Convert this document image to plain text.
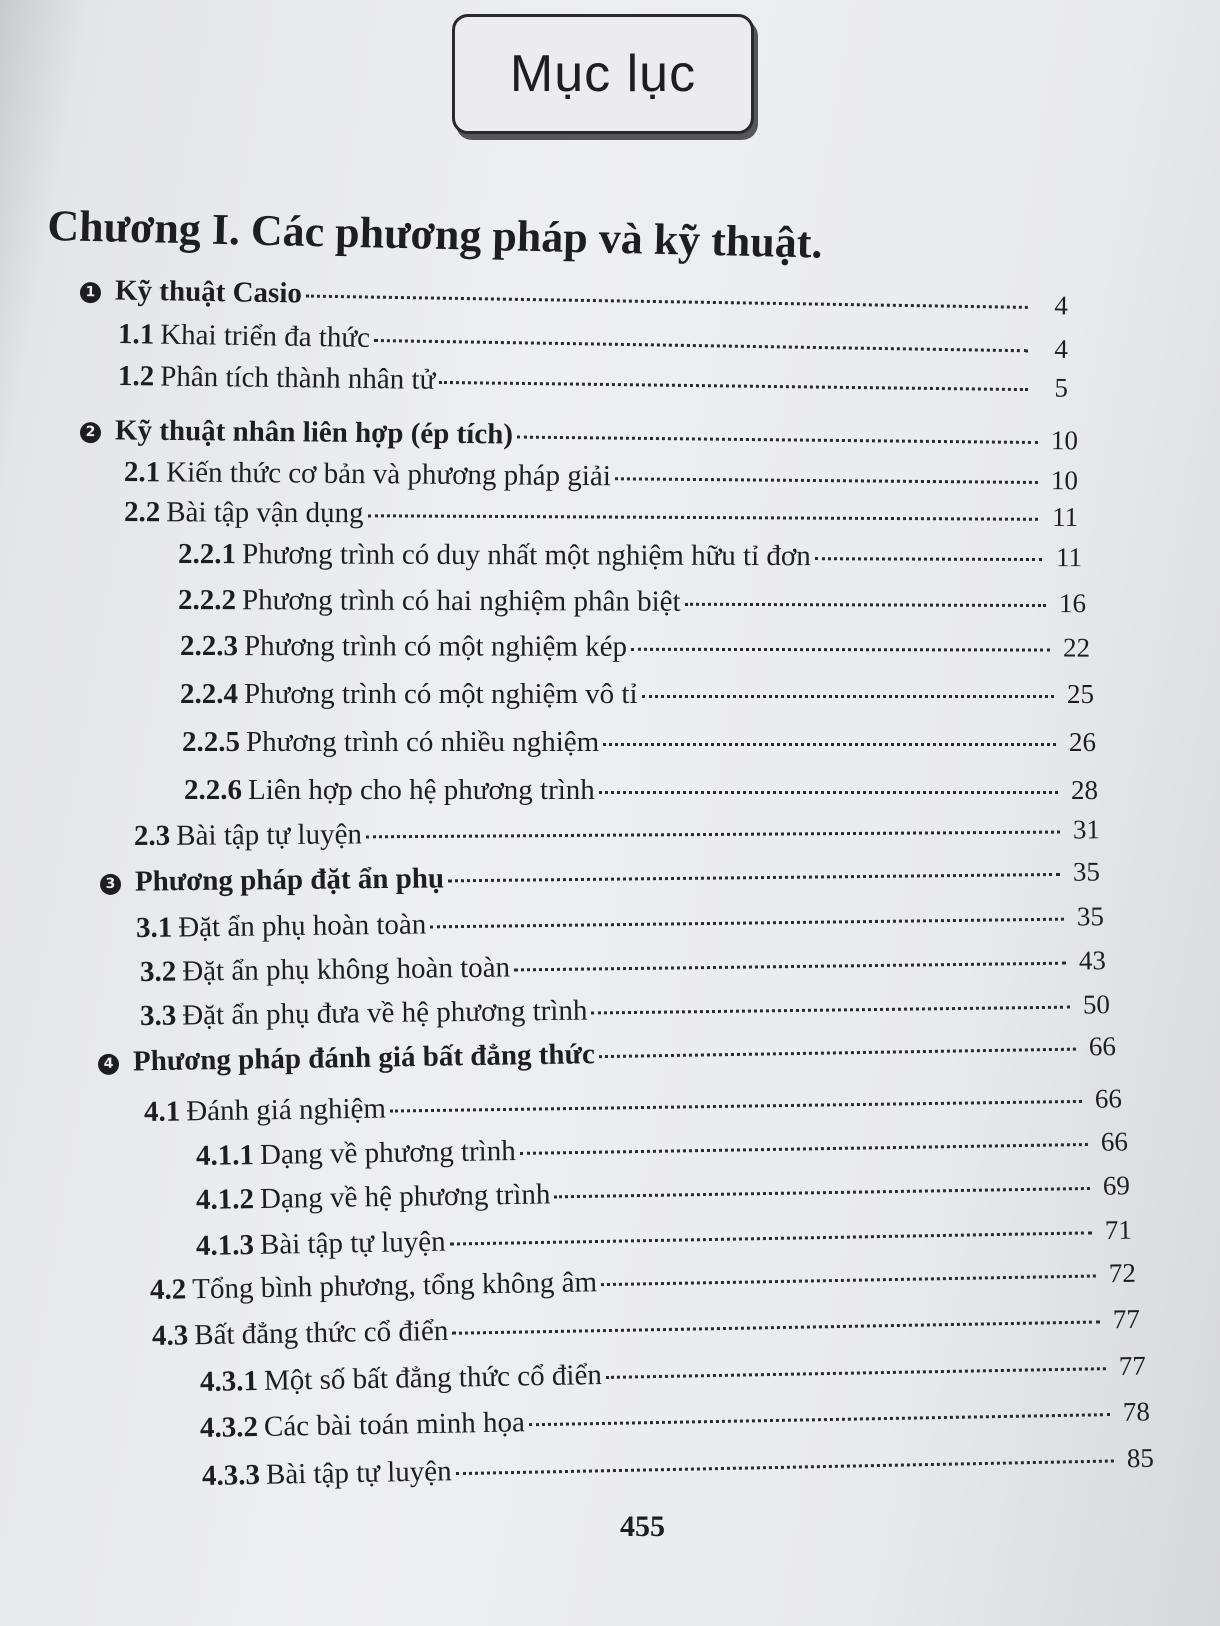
Mục lục
Chương I. Các phương pháp và kỹ thuật.
1 Kỹ thuật Casio	4
1.1 Khai triển đa thức	4
1.2 Phân tích thành nhân tử	5
2 Kỹ thuật nhân liên hợp (ép tích)	10
2.1 Kiến thức cơ bản và phương pháp giải	10
2.2 Bài tập vận dụng	11
2.2.1 Phương trình có duy nhất một nghiệm hữu tỉ đơn	11
2.2.2 Phương trình có hai nghiệm phân biệt	16
2.2.3 Phương trình có một nghiệm kép	22
2.2.4 Phương trình có một nghiệm vô tỉ	25
2.2.5 Phương trình có nhiều nghiệm	26
2.2.6 Liên hợp cho hệ phương trình	28
2.3 Bài tập tự luyện	31
3 Phương pháp đặt ẩn phụ	35
3.1 Đặt ẩn phụ hoàn toàn	35
3.2 Đặt ẩn phụ không hoàn toàn	43
3.3 Đặt ẩn phụ đưa về hệ phương trình	50
4 Phương pháp đánh giá bất đẳng thức	66
4.1 Đánh giá nghiệm	66
4.1.1 Dạng về phương trình	66
4.1.2 Dạng về hệ phương trình	69
4.1.3 Bài tập tự luyện	71
4.2 Tổng bình phương, tổng không âm	72
4.3 Bất đẳng thức cổ điển	77
4.3.1 Một số bất đẳng thức cổ điển	77
4.3.2 Các bài toán minh họa	78
4.3.3 Bài tập tự luyện	85
455
